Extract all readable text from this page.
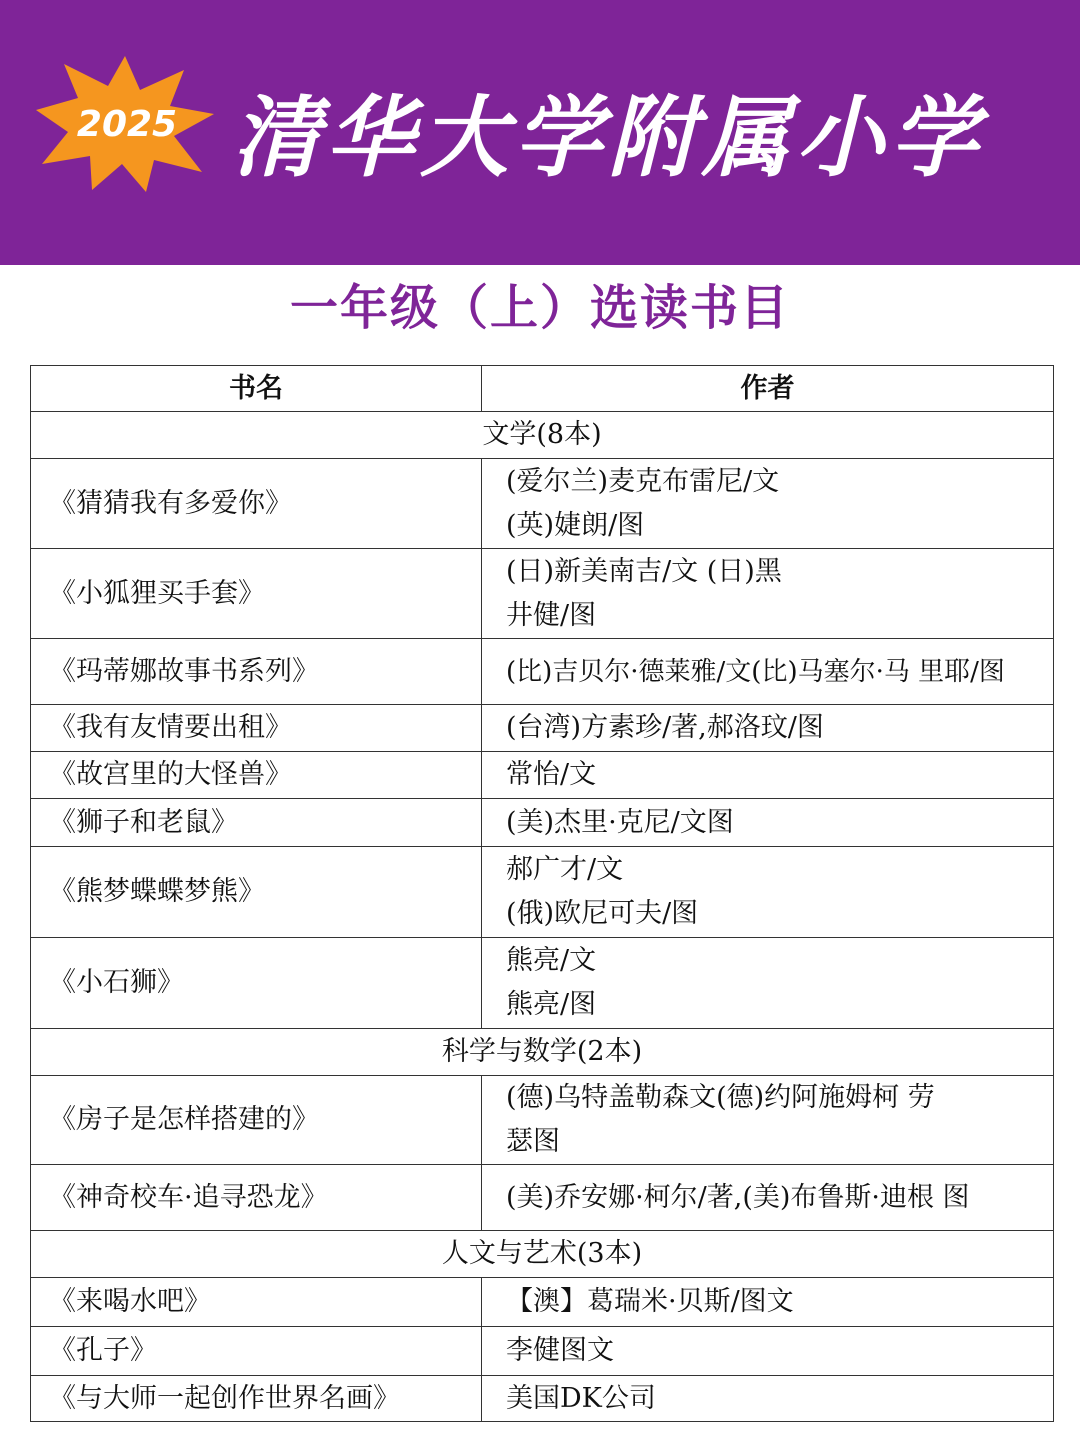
2025 清华大学附属小学
一年级（上）选读书目
书名	作者
文学(8本)	
《猜猜我有多爱你》	(爱尔兰)麦克布雷尼/文
(英)婕朗/图

《小狐狸买手套》	(日)新美南吉/文 (日)黑
井健/图

《玛蒂娜故事书系列》	(比)吉贝尔·德莱雅/文(比)马塞尔·马 里耶/图

《我有友情要出租》	(台湾)方素珍/著,郝洛玟/图

《故宫里的大怪兽》	常怡/文

《狮子和老鼠》	(美)杰里·克尼/文图

《熊梦蝶蝶梦熊》	郝广才/文
(俄)欧尼可夫/图

《小石狮》	熊亮/文
熊亮/图

科学与数学(2本)	
《房子是怎样搭建的》	(德)乌特盖勒森文(德)约阿施姆柯 劳
瑟图

《神奇校车·追寻恐龙》	(美)乔安娜·柯尔/著,(美)布鲁斯·迪根 图

人文与艺术(3本)	
《来喝水吧》	【澳】葛瑞米·贝斯/图文

《孔子》	李健图文

《与大师一起创作世界名画》	美国DK公司
